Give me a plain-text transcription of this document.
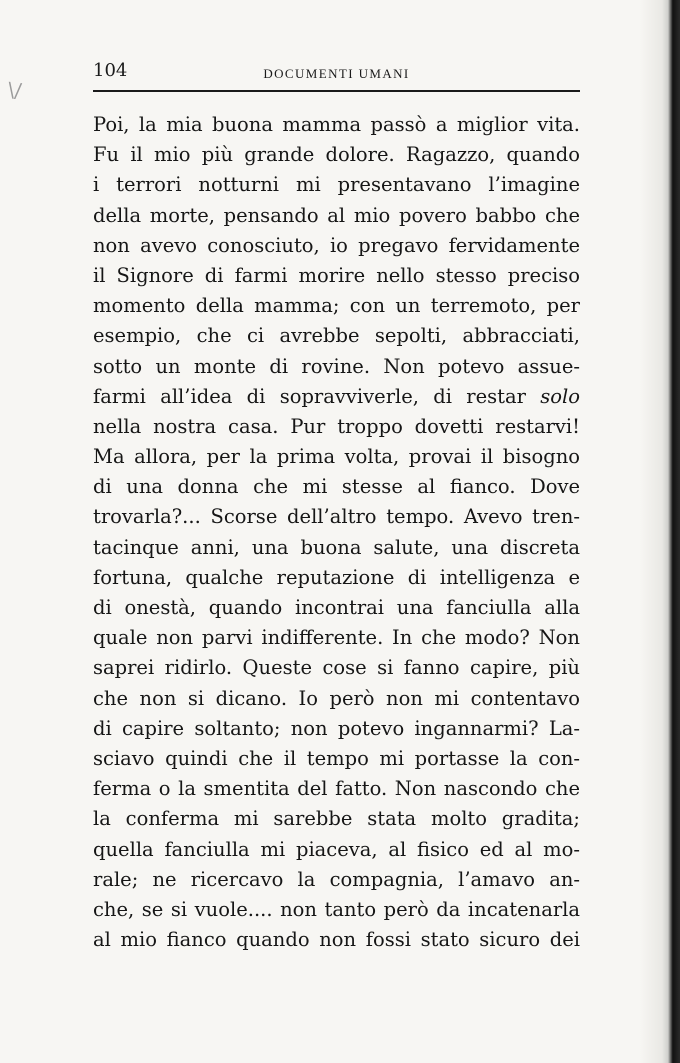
\/
104	DOCUMENTI UMANI
Poi, la mia buona mamma passò a miglior vita.
Fu il mio più grande dolore. Ragazzo, quando
i terrori notturni mi presentavano l’imagine
della morte, pensando al mio povero babbo che
non avevo conosciuto, io pregavo fervidamente
il Signore di farmi morire nello stesso preciso
momento della mamma; con un terremoto, per
esempio, che ci avrebbe sepolti, abbracciati,
sotto un monte di rovine. Non potevo assue-
farmi all’idea di sopravviverle, di restar solo
nella nostra casa. Pur troppo dovetti restarvi!
Ma allora, per la prima volta, provai il bisogno
di una donna che mi stesse al fianco. Dove
trovarla?... Scorse dell’altro tempo. Avevo tren-
tacinque anni, una buona salute, una discreta
fortuna, qualche reputazione di intelligenza e
di onestà, quando incontrai una fanciulla alla
quale non parvi indifferente. In che modo? Non
saprei ridirlo. Queste cose si fanno capire, più
che non si dicano. Io però non mi contentavo
di capire soltanto; non potevo ingannarmi? La-
sciavo quindi che il tempo mi portasse la con-
ferma o la smentita del fatto. Non nascondo che
la conferma mi sarebbe stata molto gradita;
quella fanciulla mi piaceva, al fisico ed al mo-
rale; ne ricercavo la compagnia, l’amavo an-
che, se si vuole.... non tanto però da incatenarla
al mio fianco quando non fossi stato sicuro dei
